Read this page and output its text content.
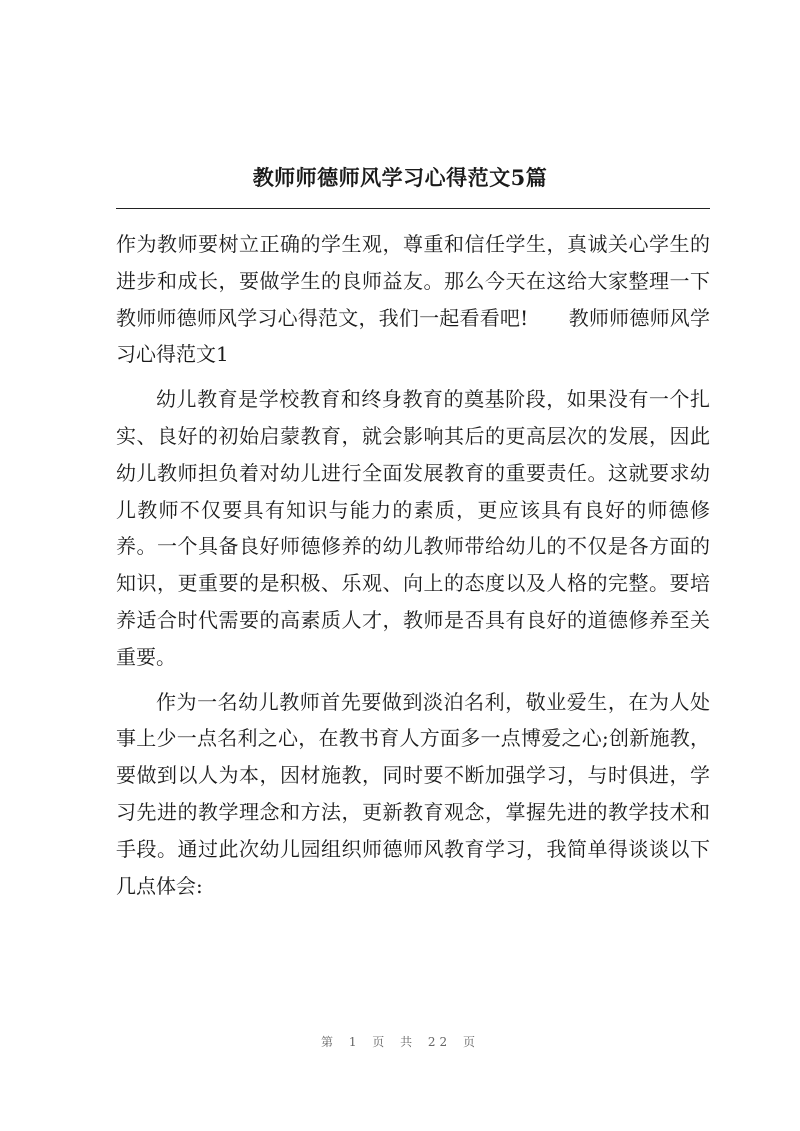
教师师德师风学习心得范文5篇

作为教师要树立正确的学生观，尊重和信任学生，真诚关心学生的进步和成长，要做学生的良师益友。那么今天在这给大家整理一下教师师德师风学习心得范文，我们一起看看吧!　　教师师德师风学习心得范文1

幼儿教育是学校教育和终身教育的奠基阶段，如果没有一个扎实、良好的初始启蒙教育，就会影响其后的更高层次的发展，因此幼儿教师担负着对幼儿进行全面发展教育的重要责任。这就要求幼儿教师不仅要具有知识与能力的素质，更应该具有良好的师德修养。一个具备良好师德修养的幼儿教师带给幼儿的不仅是各方面的知识，更重要的是积极、乐观、向上的态度以及人格的完整。要培养适合时代需要的高素质人才，教师是否具有良好的道德修养至关重要。

作为一名幼儿教师首先要做到淡泊名利，敬业爱生，在为人处事上少一点名利之心，在教书育人方面多一点博爱之心;创新施教，要做到以人为本，因材施教，同时要不断加强学习，与时俱进，学习先进的教学理念和方法，更新教育观念，掌握先进的教学技术和手段。通过此次幼儿园组织师德师风教育学习，我简单得谈谈以下几点体会:

第 1 页 共 22 页
